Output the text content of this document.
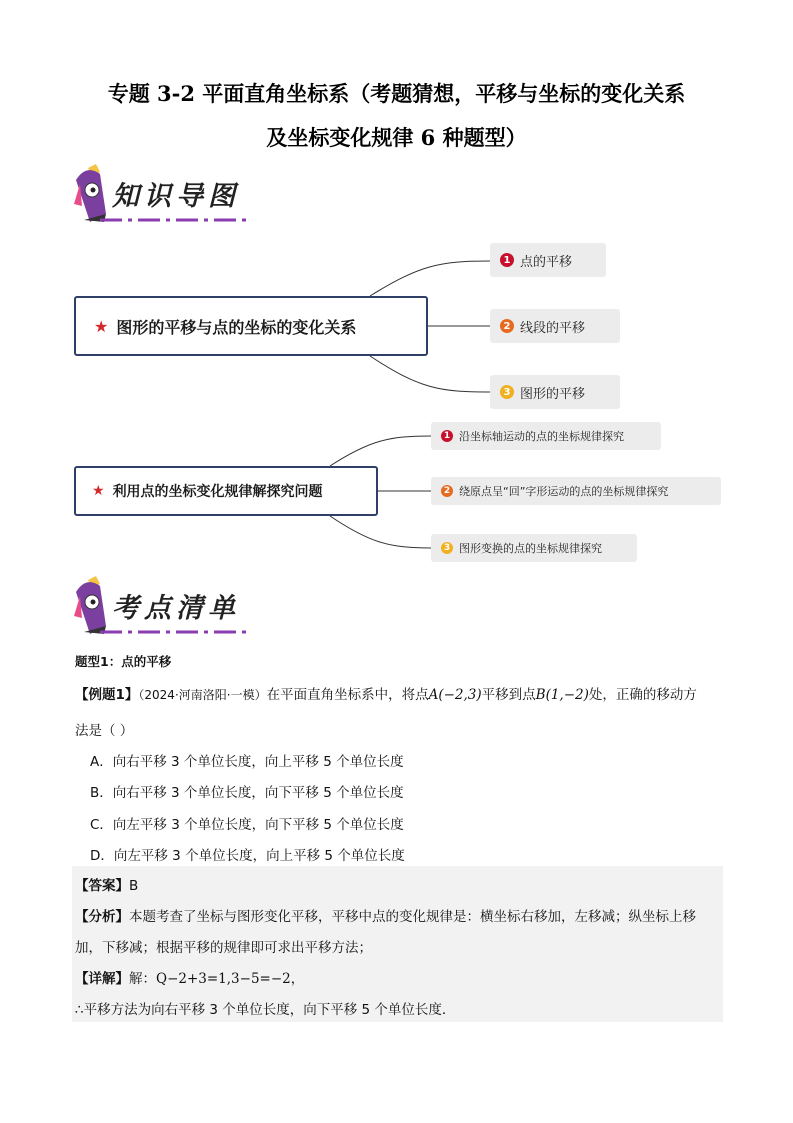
专题 3-2 平面直角坐标系（考题猜想，平移与坐标的变化关系
及坐标变化规律 6 种题型）
知识导图
★ 图形的平移与点的坐标的变化关系
1 点的平移
2 线段的平移
3 图形的平移
★ 利用点的坐标变化规律解探究问题
1 沿坐标轴运动的点的坐标规律探究
2 绕原点呈“回”字形运动的点的坐标规律探究
3 图形变换的点的坐标规律探究
考点清单
题型1：点的平移
【例题1】（2024·河南洛阳·一模）在平面直角坐标系中，将点A(−2,3)平移到点B(1,−2)处，正确的移动方
法是（ ）
A．向右平移 3 个单位长度，向上平移 5 个单位长度
B．向右平移 3 个单位长度，向下平移 5 个单位长度
C．向左平移 3 个单位长度，向下平移 5 个单位长度
D．向左平移 3 个单位长度，向上平移 5 个单位长度
【答案】B
【分析】本题考查了坐标与图形变化平移，平移中点的变化规律是：横坐标右移加，左移减；纵坐标上移
加，下移减；根据平移的规律即可求出平移方法；
【详解】解：Q−2+3=1,3−5=−2，
∴平移方法为向右平移 3 个单位长度，向下平移 5 个单位长度．
